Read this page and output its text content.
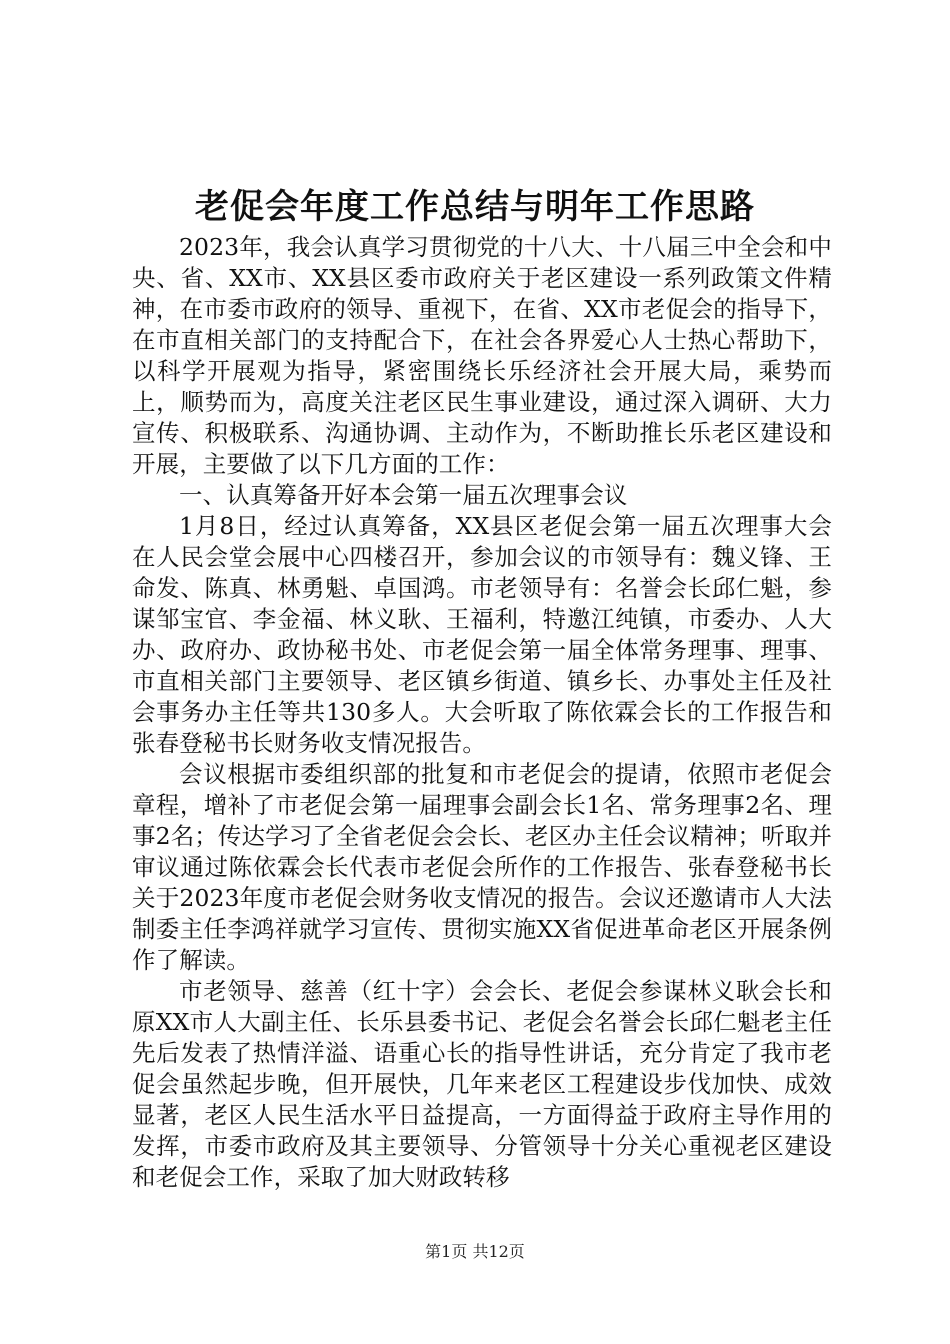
老促会年度工作总结与明年工作思路

2023年，我会认真学习贯彻党的十八大、十八届三中全会和中央、省、XX市、XX县区委市政府关于老区建设一系列政策文件精神，在市委市政府的领导、重视下，在省、XX市老促会的指导下，在市直相关部门的支持配合下，在社会各界爱心人士热心帮助下，以科学开展观为指导，紧密围绕长乐经济社会开展大局，乘势而上，顺势而为，高度关注老区民生事业建设，通过深入调研、大力宣传、积极联系、沟通协调、主动作为，不断助推长乐老区建设和开展，主要做了以下几方面的工作：

一、认真筹备开好本会第一届五次理事会议

1月8日，经过认真筹备，XX县区老促会第一届五次理事大会在人民会堂会展中心四楼召开，参加会议的市领导有：魏义锋、王命发、陈真、林勇魁、卓国鸿。市老领导有：名誉会长邱仁魁，参谋邹宝官、李金福、林义耿、王福利，特邀江纯镇，市委办、人大办、政府办、政协秘书处、市老促会第一届全体常务理事、理事、市直相关部门主要领导、老区镇乡街道、镇乡长、办事处主任及社会事务办主任等共130多人。大会听取了陈依霖会长的工作报告和张春登秘书长财务收支情况报告。

会议根据市委组织部的批复和市老促会的提请，依照市老促会章程，增补了市老促会第一届理事会副会长1名、常务理事2名、理事2名；传达学习了全省老促会会长、老区办主任会议精神；听取并审议通过陈依霖会长代表市老促会所作的工作报告、张春登秘书长关于2023年度市老促会财务收支情况的报告。会议还邀请市人大法制委主任李鸿祥就学习宣传、贯彻实施XX省促进革命老区开展条例作了解读。

市老领导、慈善（红十字）会会长、老促会参谋林义耿会长和原XX市人大副主任、长乐县委书记、老促会名誉会长邱仁魁老主任先后发表了热情洋溢、语重心长的指导性讲话，充分肯定了我市老促会虽然起步晚，但开展快，几年来老区工程建设步伐加快、成效显著，老区人民生活水平日益提高，一方面得益于政府主导作用的发挥，市委市政府及其主要领导、分管领导十分关心重视老区建设和老促会工作，采取了加大财政转移

第1页 共12页
